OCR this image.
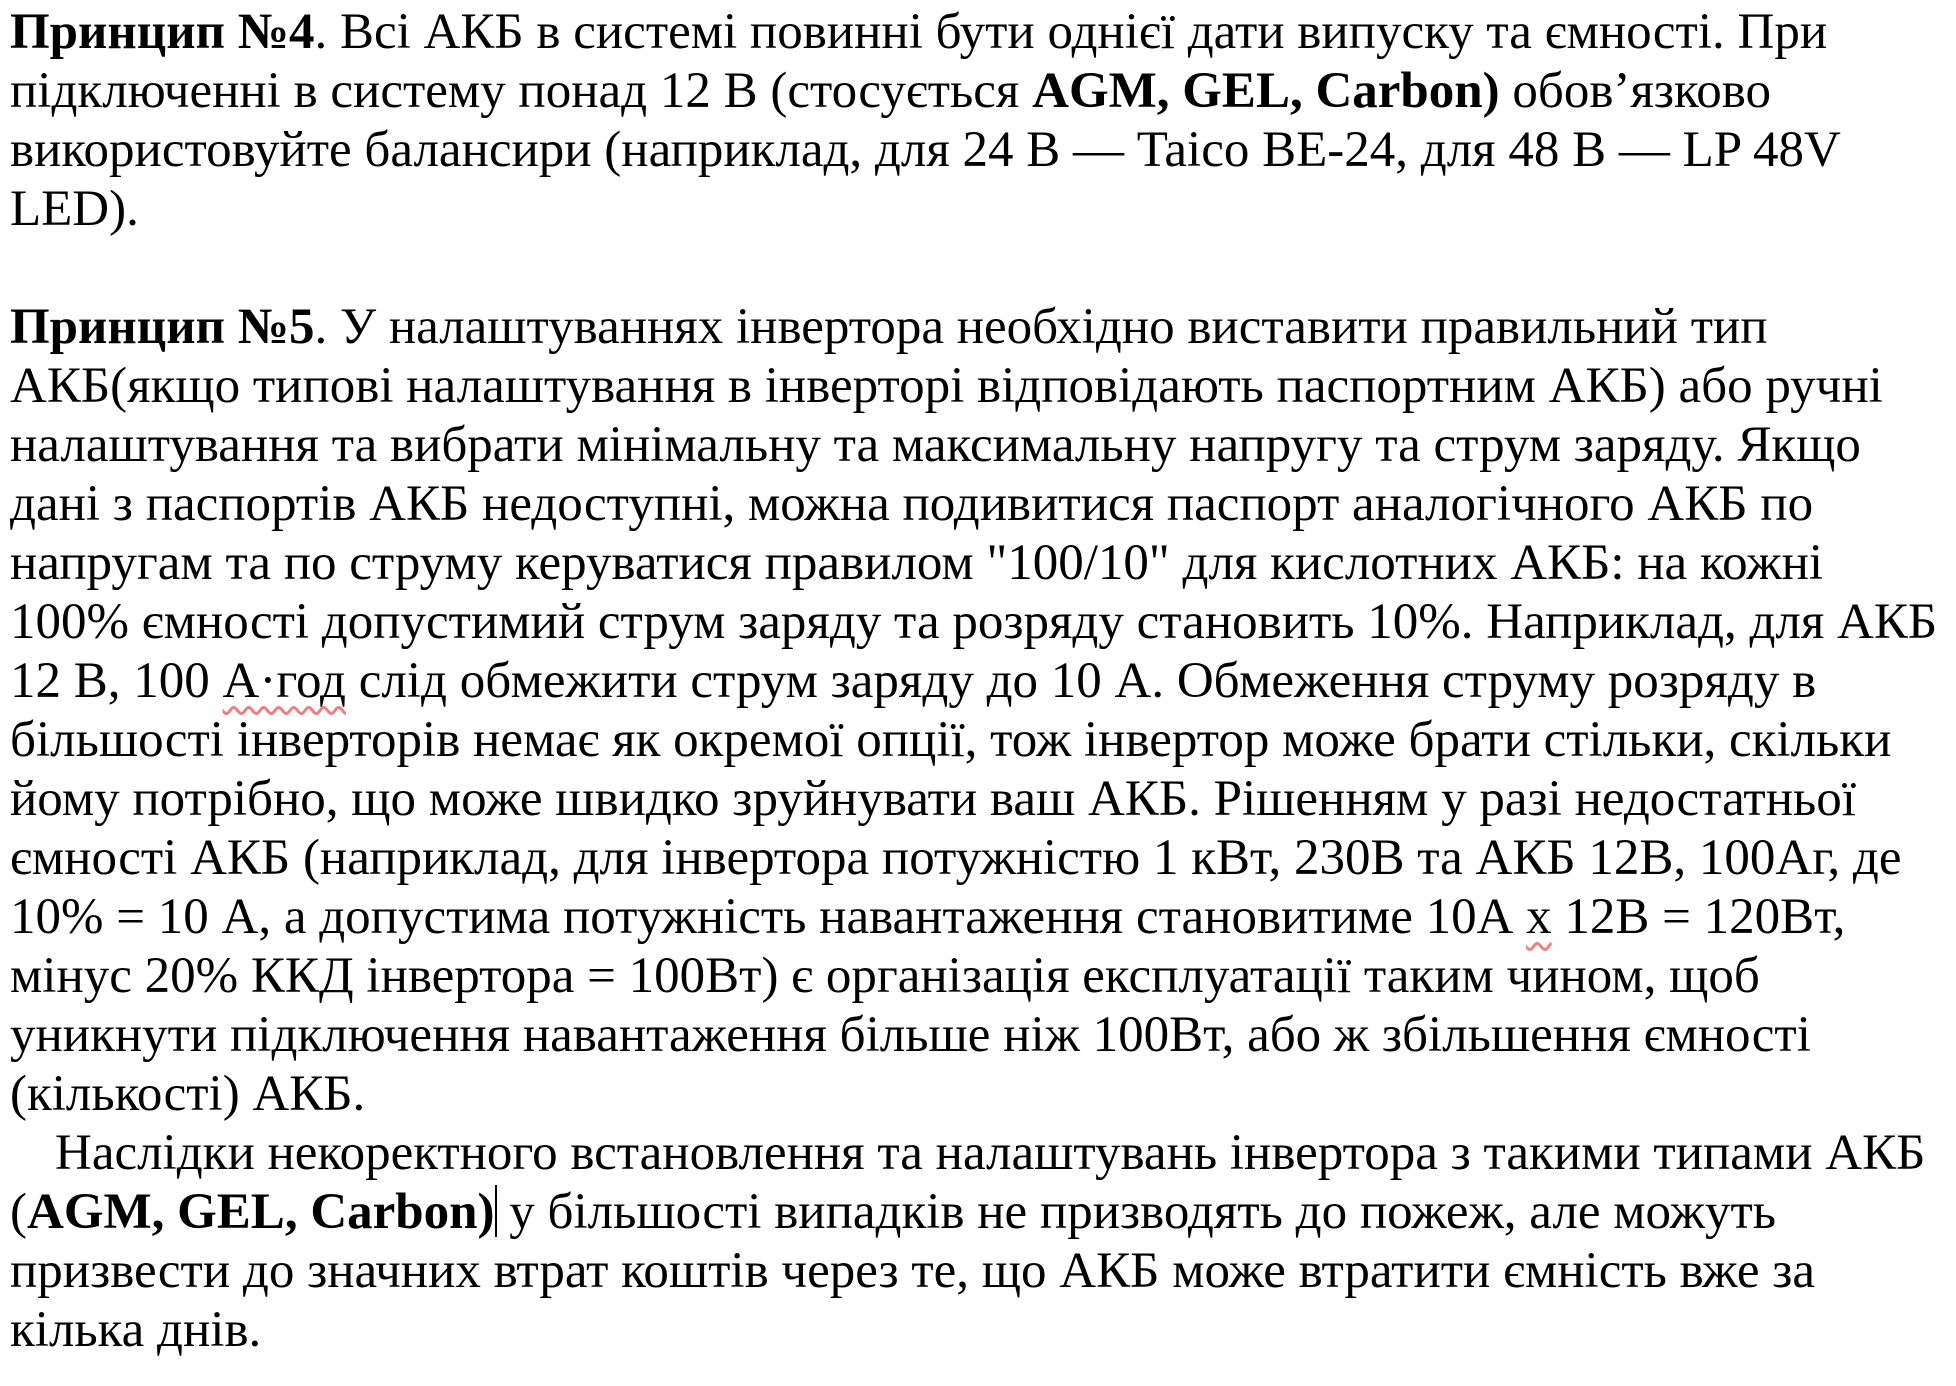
Принцип №4. Всі АКБ в системі повинні бути однієї дати випуску та ємності. При підключенні в систему понад 12 В (стосується AGM, GEL, Carbon) обов’язково використовуйте балансири (наприклад, для 24 В — Taico BE-24, для 48 В — LP 48V LED).
Принцип №5. У налаштуваннях інвертора необхідно виставити правильний тип АКБ(якщо типові налаштування в інверторі відповідають паспортним АКБ) або ручні налаштування та вибрати мінімальну та максимальну напругу та струм заряду. Якщо дані з паспортів АКБ недоступні, можна подивитися паспорт аналогічного АКБ по напругам та по струму керуватися правилом "100/10" для кислотних АКБ: на кожні 100% ємності допустимий струм заряду та розряду становить 10%. Наприклад, для АКБ 12 В, 100 А·год слід обмежити струм заряду до 10 А. Обмеження струму розряду в більшості інверторів немає як окремої опції, тож інвертор може брати стільки, скільки йому потрібно, що може швидко зруйнувати ваш АКБ. Рішенням у разі недостатньої ємності АКБ (наприклад, для інвертора потужністю 1 кВт, 230В та АКБ 12В, 100Аг, де 10% = 10 А, а допустима потужність навантаження становитиме 10А х 12В = 120Вт, мінус 20% ККД інвертора = 100Вт) є організація експлуатації таким чином, щоб уникнути підключення навантаження більше ніж 100Вт, або ж збільшення ємності (кількості) АКБ.
Наслідки некоректного встановлення та налаштувань інвертора з такими типами АКБ (AGM, GEL, Carbon) у більшості випадків не призводять до пожеж, але можуть призвести до значних втрат коштів через те, що АКБ може втратити ємність вже за кілька днів.
